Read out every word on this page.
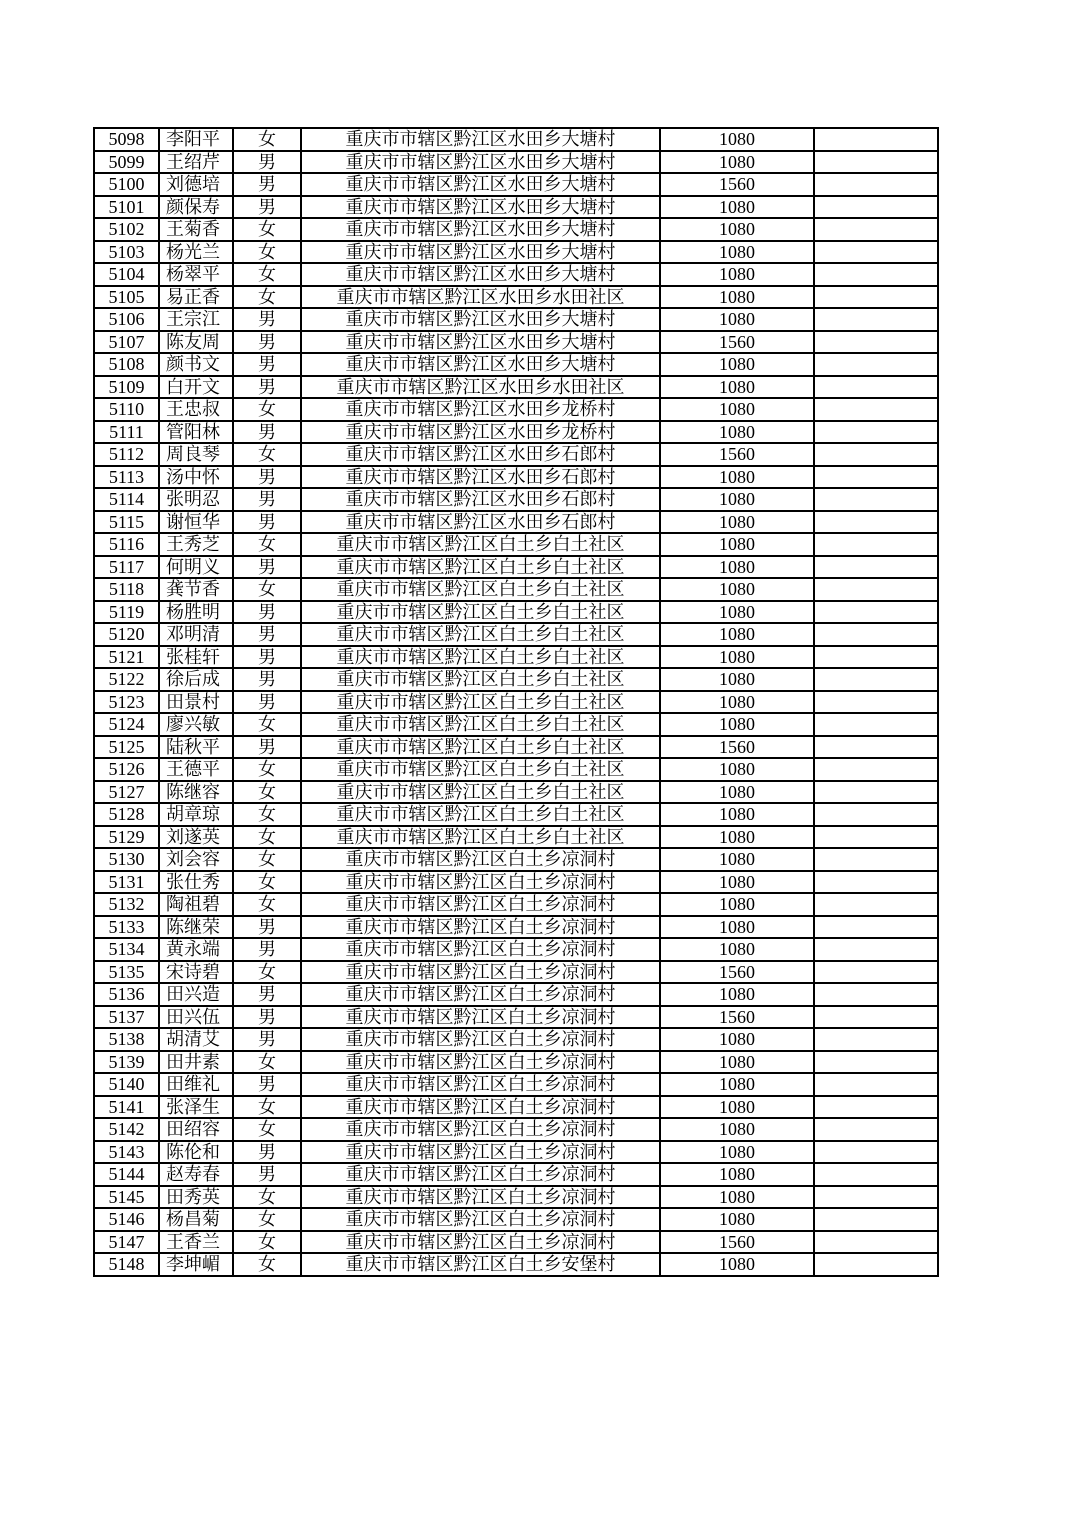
5098	李阳平	女	重庆市市辖区黔江区水田乡大塘村	1080	
5099	王绍芹	男	重庆市市辖区黔江区水田乡大塘村	1080	
5100	刘德培	男	重庆市市辖区黔江区水田乡大塘村	1560	
5101	颜保寿	男	重庆市市辖区黔江区水田乡大塘村	1080	
5102	王菊香	女	重庆市市辖区黔江区水田乡大塘村	1080	
5103	杨光兰	女	重庆市市辖区黔江区水田乡大塘村	1080	
5104	杨翠平	女	重庆市市辖区黔江区水田乡大塘村	1080	
5105	易正香	女	重庆市市辖区黔江区水田乡水田社区	1080	
5106	王宗江	男	重庆市市辖区黔江区水田乡大塘村	1080	
5107	陈友周	男	重庆市市辖区黔江区水田乡大塘村	1560	
5108	颜书文	男	重庆市市辖区黔江区水田乡大塘村	1080	
5109	白开文	男	重庆市市辖区黔江区水田乡水田社区	1080	
5110	王忠叔	女	重庆市市辖区黔江区水田乡龙桥村	1080	
5111	管阳林	男	重庆市市辖区黔江区水田乡龙桥村	1080	
5112	周良琴	女	重庆市市辖区黔江区水田乡石郎村	1560	
5113	汤中怀	男	重庆市市辖区黔江区水田乡石郎村	1080	
5114	张明忍	男	重庆市市辖区黔江区水田乡石郎村	1080	
5115	谢恒华	男	重庆市市辖区黔江区水田乡石郎村	1080	
5116	王秀芝	女	重庆市市辖区黔江区白土乡白土社区	1080	
5117	何明义	男	重庆市市辖区黔江区白土乡白土社区	1080	
5118	龚节香	女	重庆市市辖区黔江区白土乡白土社区	1080	
5119	杨胜明	男	重庆市市辖区黔江区白土乡白土社区	1080	
5120	邓明清	男	重庆市市辖区黔江区白土乡白土社区	1080	
5121	张桂轩	男	重庆市市辖区黔江区白土乡白土社区	1080	
5122	徐后成	男	重庆市市辖区黔江区白土乡白土社区	1080	
5123	田景村	男	重庆市市辖区黔江区白土乡白土社区	1080	
5124	廖兴敏	女	重庆市市辖区黔江区白土乡白土社区	1080	
5125	陆秋平	男	重庆市市辖区黔江区白土乡白土社区	1560	
5126	王德平	女	重庆市市辖区黔江区白土乡白土社区	1080	
5127	陈继容	女	重庆市市辖区黔江区白土乡白土社区	1080	
5128	胡章琼	女	重庆市市辖区黔江区白土乡白土社区	1080	
5129	刘遂英	女	重庆市市辖区黔江区白土乡白土社区	1080	
5130	刘会容	女	重庆市市辖区黔江区白土乡凉洞村	1080	
5131	张仕秀	女	重庆市市辖区黔江区白土乡凉洞村	1080	
5132	陶祖碧	女	重庆市市辖区黔江区白土乡凉洞村	1080	
5133	陈继荣	男	重庆市市辖区黔江区白土乡凉洞村	1080	
5134	黄永端	男	重庆市市辖区黔江区白土乡凉洞村	1080	
5135	宋诗碧	女	重庆市市辖区黔江区白土乡凉洞村	1560	
5136	田兴造	男	重庆市市辖区黔江区白土乡凉洞村	1080	
5137	田兴伍	男	重庆市市辖区黔江区白土乡凉洞村	1560	
5138	胡清艾	男	重庆市市辖区黔江区白土乡凉洞村	1080	
5139	田井素	女	重庆市市辖区黔江区白土乡凉洞村	1080	
5140	田维礼	男	重庆市市辖区黔江区白土乡凉洞村	1080	
5141	张泽生	女	重庆市市辖区黔江区白土乡凉洞村	1080	
5142	田绍容	女	重庆市市辖区黔江区白土乡凉洞村	1080	
5143	陈伦和	男	重庆市市辖区黔江区白土乡凉洞村	1080	
5144	赵寿春	男	重庆市市辖区黔江区白土乡凉洞村	1080	
5145	田秀英	女	重庆市市辖区黔江区白土乡凉洞村	1080	
5146	杨昌菊	女	重庆市市辖区黔江区白土乡凉洞村	1080	
5147	王香兰	女	重庆市市辖区黔江区白土乡凉洞村	1560	
5148	李坤嵋	女	重庆市市辖区黔江区白土乡安堡村	1080	
